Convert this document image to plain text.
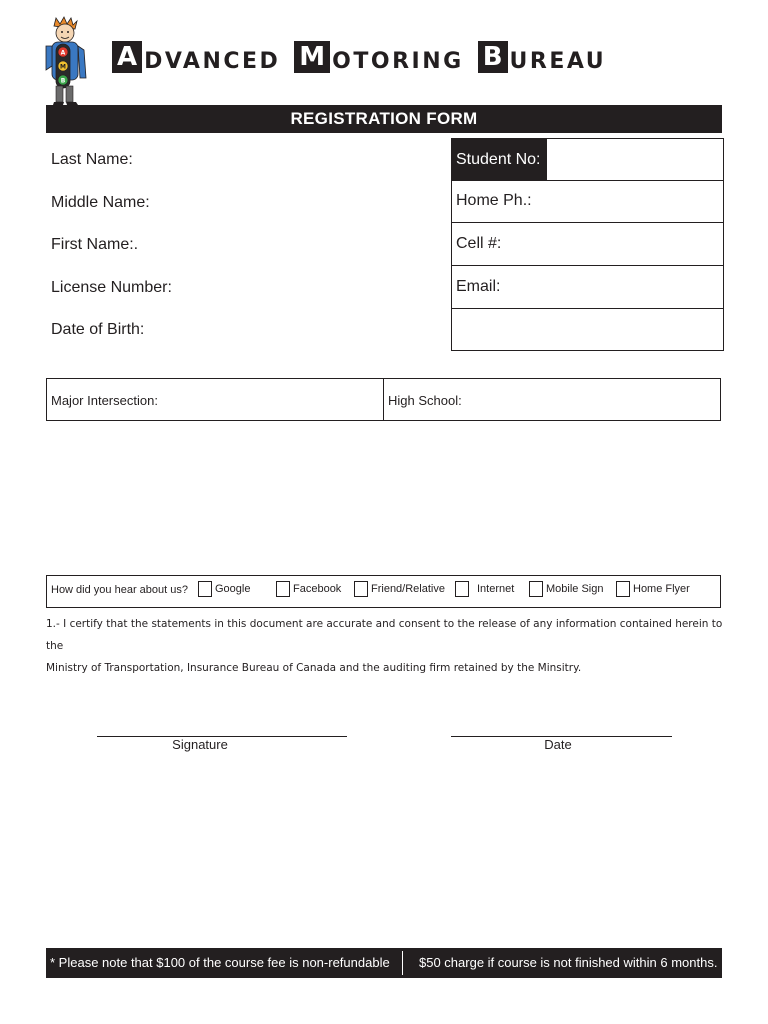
A
M
B
A DVANCED M OTORING B UREAU
REGISTRATION FORM
Last Name:
Middle Name:
First Name:.
License Number:
Date of Birth:
Student No:
Home Ph.:
Cell #:
Email:
Major Intersection:	High School:
How did you hear about us? Google	Facebook	Friend/Relative	Internet	Mobile Sign	Home Flyer
1.- I certify that the statements in this document are accurate and consent to the release of any information contained herein to the
Ministry of Transportation, Insurance Bureau of Canada and the auditing firm retained by the Minsitry.
Signature	Date
* Please note that $100 of the course fee is non-refundable $50 charge if course is not finished within 6 months.
